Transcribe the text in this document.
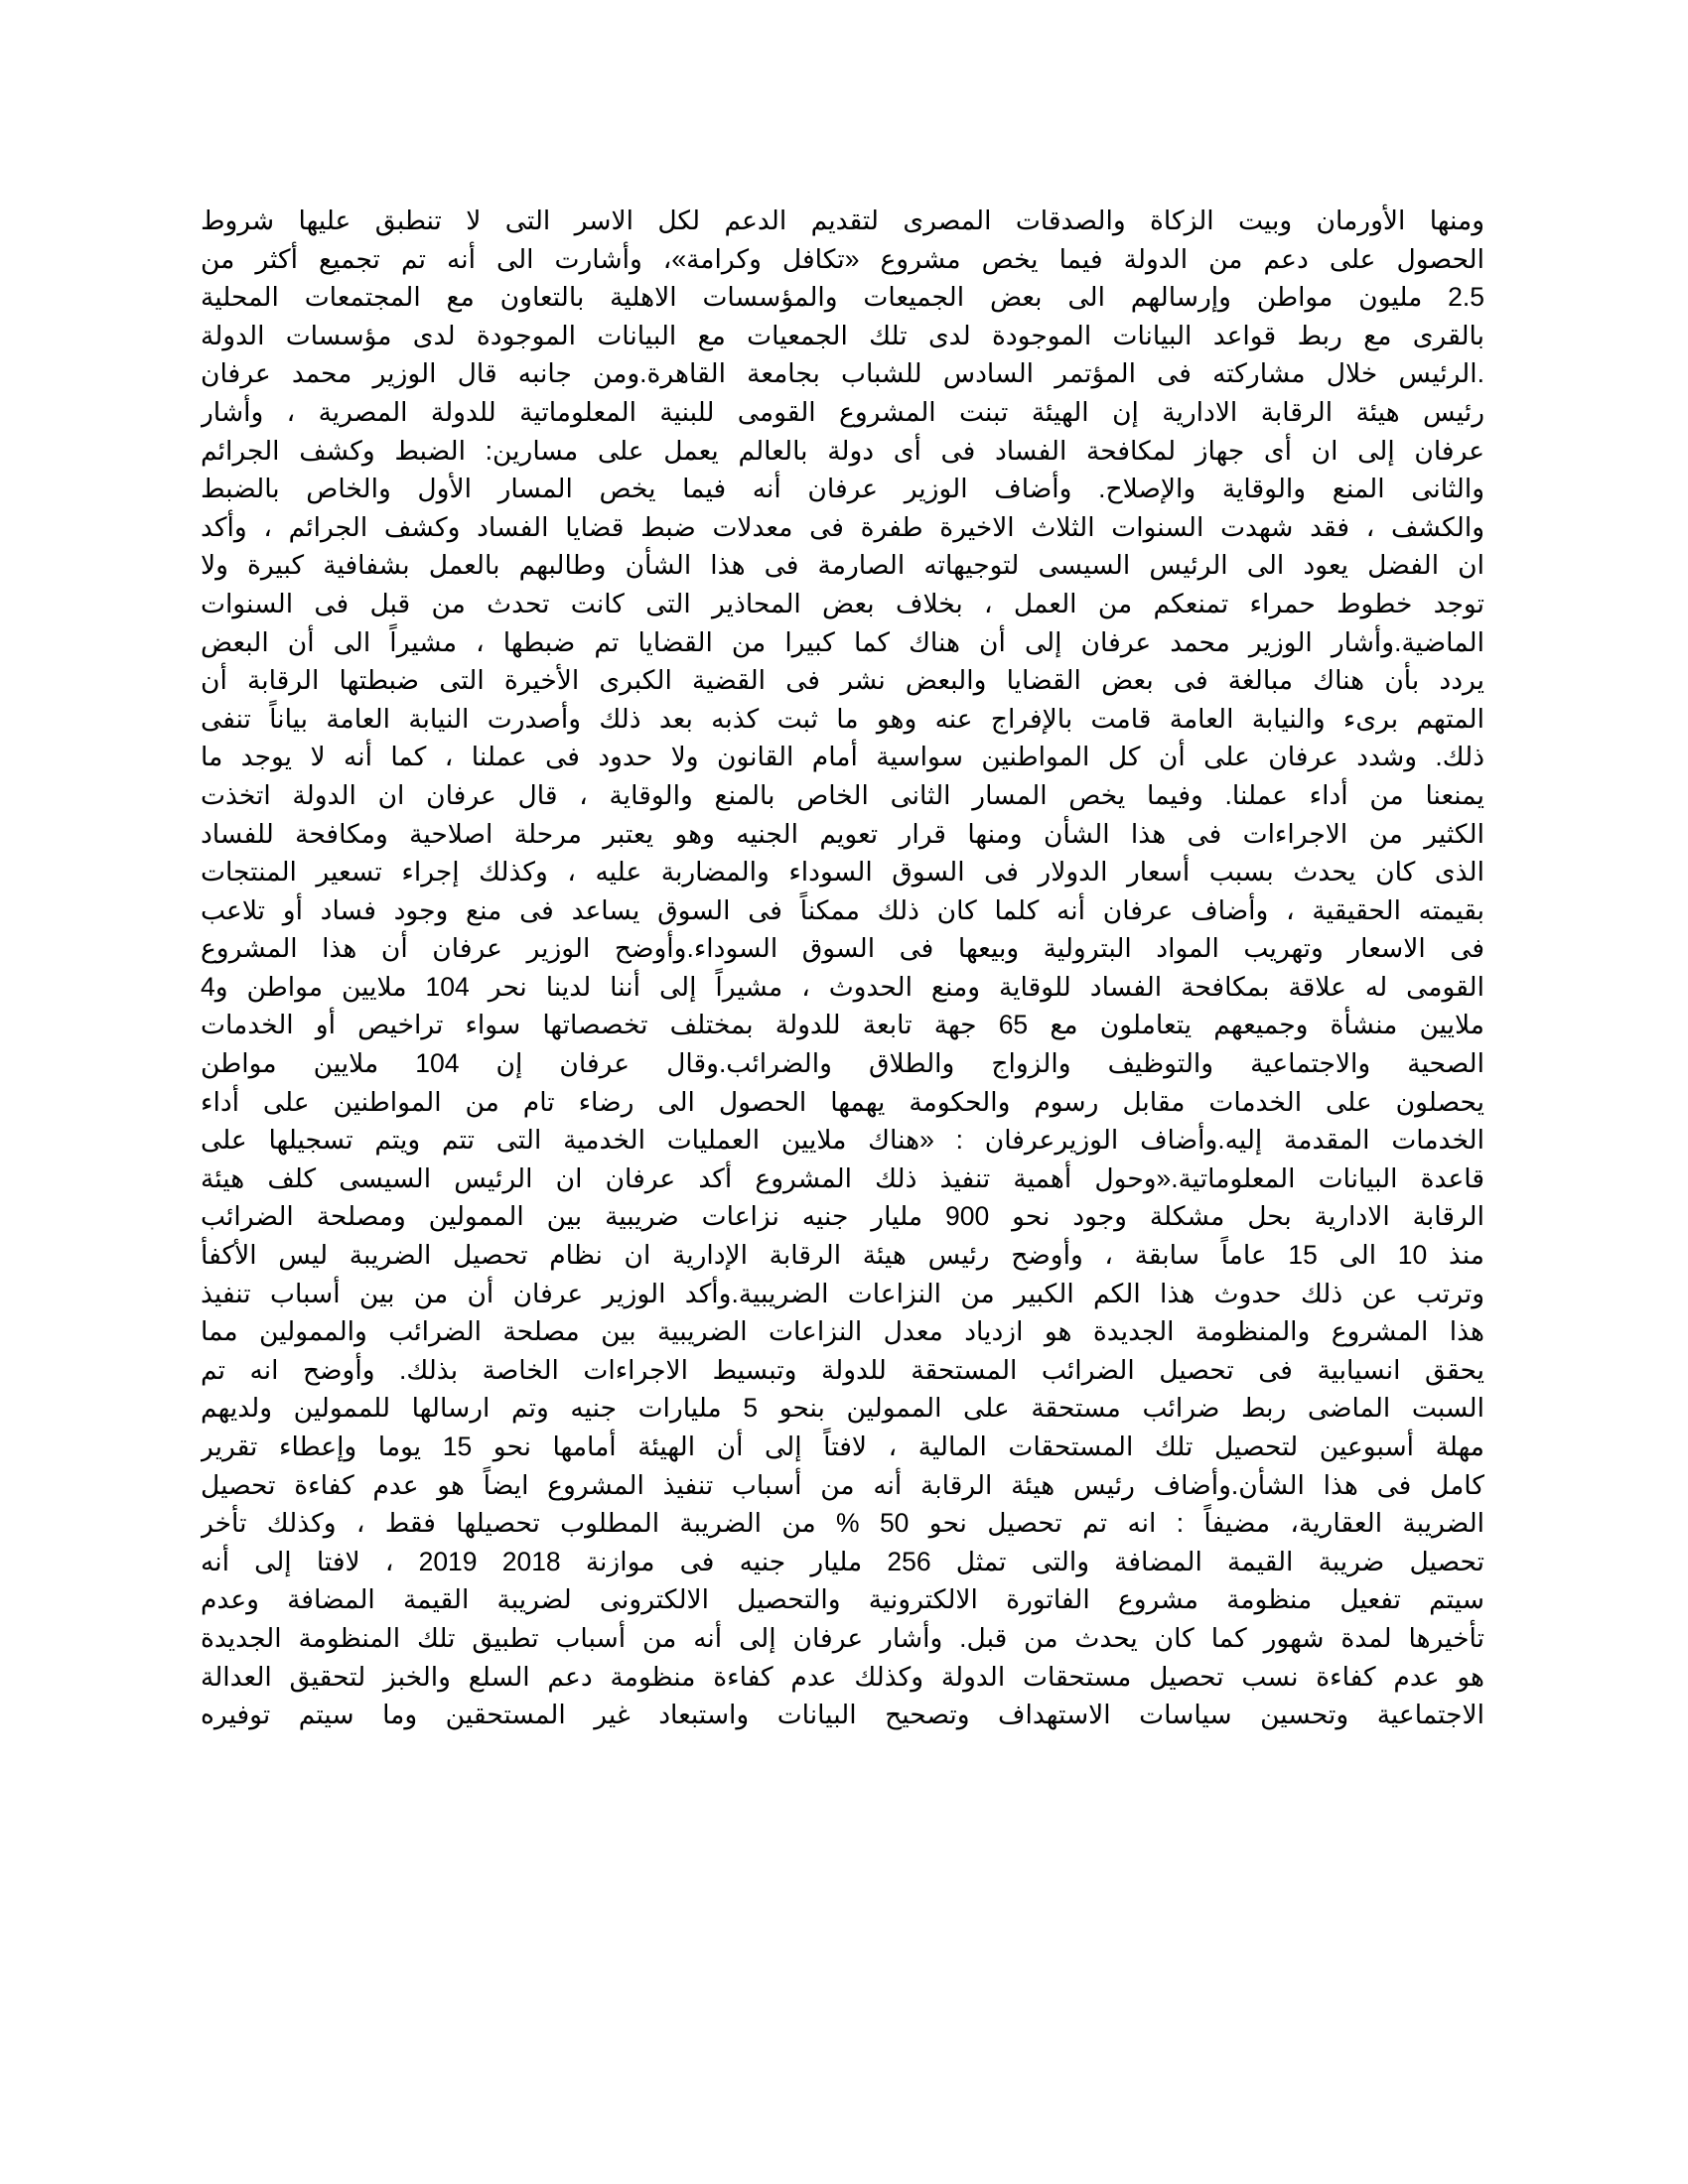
ومنها الأورمان وبيت الزكاة والصدقات المصرى لتقديم الدعم لكل الاسر التى لا تنطبق عليها شروط
الحصول على دعم من الدولة فيما يخص مشروع «تكافل وكرامة»، وأشارت الى أنه تم تجميع أكثر من
2.5 مليون مواطن وإرسالهم الى بعض الجميعات والمؤسسات الاهلية بالتعاون مع المجتمعات المحلية
بالقرى مع ربط قواعد البيانات الموجودة لدى تلك الجمعيات مع البيانات الموجودة لدى مؤسسات الدولة
.الرئيس خلال مشاركته فى المؤتمر السادس للشباب بجامعة القاهرة.ومن جانبه قال الوزير محمد عرفان
رئيس هيئة الرقابة الادارية إن الهيئة تبنت المشروع القومى للبنية المعلوماتية للدولة المصرية ، وأشار
عرفان إلى ان أى جهاز لمكافحة الفساد فى أى دولة بالعالم يعمل على مسارين: الضبط وكشف الجرائم
والثانى المنع والوقاية والإصلاح. وأضاف الوزير عرفان أنه فيما يخص المسار الأول والخاص بالضبط
والكشف ، فقد شهدت السنوات الثلاث الاخيرة طفرة فى معدلات ضبط قضايا الفساد وكشف الجرائم ، وأكد
ان الفضل يعود الى الرئيس السيسى لتوجيهاته الصارمة فى هذا الشأن وطالبهم بالعمل بشفافية كبيرة ولا
توجد خطوط حمراء تمنعكم من العمل ، بخلاف بعض المحاذير التى كانت تحدث من قبل فى السنوات
الماضية.وأشار الوزير محمد عرفان إلى أن هناك كما كبيرا من القضايا تم ضبطها ، مشيراً الى أن البعض
يردد بأن هناك مبالغة فى بعض القضايا والبعض نشر فى القضية الكبرى الأخيرة التى ضبطتها الرقابة أن
المتهم برىء والنيابة العامة قامت بالإفراج عنه وهو ما ثبت كذبه بعد ذلك وأصدرت النيابة العامة بياناً تنفى
ذلك. وشدد عرفان على أن كل المواطنين سواسية أمام القانون ولا حدود فى عملنا ، كما أنه لا يوجد ما
يمنعنا من أداء عملنا. وفيما يخص المسار الثانى الخاص بالمنع والوقاية ، قال عرفان ان الدولة اتخذت
الكثير من الاجراءات فى هذا الشأن ومنها قرار تعويم الجنيه وهو يعتبر مرحلة اصلاحية ومكافحة للفساد
الذى كان يحدث بسبب أسعار الدولار فى السوق السوداء والمضاربة عليه ، وكذلك إجراء تسعير المنتجات
بقيمته الحقيقية ، وأضاف عرفان أنه كلما كان ذلك ممكناً فى السوق يساعد فى منع وجود فساد أو تلاعب
فى الاسعار وتهريب المواد البترولية وبيعها فى السوق السوداء.وأوضح الوزير عرفان أن هذا المشروع
القومى له علاقة بمكافحة الفساد للوقاية ومنع الحدوث ، مشيراً إلى أننا لدينا نحر 104 ملايين مواطن و4
ملايين منشأة وجميعهم يتعاملون مع 65 جهة تابعة للدولة بمختلف تخصصاتها سواء تراخيص أو الخدمات
الصحية والاجتماعية والتوظيف والزواج والطلاق والضرائب.وقال عرفان إن 104 ملايين مواطن
يحصلون على الخدمات مقابل رسوم والحكومة يهمها الحصول الى رضاء تام من المواطنين على أداء
الخدمات المقدمة إليه.وأضاف الوزيرعرفان : «هناك ملايين العمليات الخدمية التى تتم ويتم تسجيلها على
قاعدة البيانات المعلوماتية.«وحول أهمية تنفيذ ذلك المشروع أكد عرفان ان الرئيس السيسى كلف هيئة
الرقابة الادارية بحل مشكلة وجود نحو 900 مليار جنيه نزاعات ضريبية بين الممولين ومصلحة الضرائب
منذ 10 الى 15 عاماً سابقة ، وأوضح رئيس هيئة الرقابة الإدارية ان نظام تحصيل الضريبة ليس الأكفأ
وترتب عن ذلك حدوث هذا الكم الكبير من النزاعات الضريبية.وأكد الوزير عرفان أن من بين أسباب تنفيذ
هذا المشروع والمنظومة الجديدة هو ازدياد معدل النزاعات الضريبية بين مصلحة الضرائب والممولين مما
يحقق انسيابية فى تحصيل الضرائب المستحقة للدولة وتبسيط الاجراءات الخاصة بذلك. وأوضح انه تم
السبت الماضى ربط ضرائب مستحقة على الممولين بنحو 5 مليارات جنيه وتم ارسالها للممولين ولديهم
مهلة أسبوعين لتحصيل تلك المستحقات المالية ، لافتاً إلى أن الهيئة أمامها نحو 15 يوما وإعطاء تقرير
كامل فى هذا الشأن.وأضاف رئيس هيئة الرقابة أنه من أسباب تنفيذ المشروع ايضاً هو عدم كفاءة تحصيل
الضريبة العقارية، مضيفاً : انه تم تحصيل نحو 50 % من الضريبة المطلوب تحصيلها فقط ، وكذلك تأخر
تحصيل ضريبة القيمة المضافة والتى تمثل 256 مليار جنيه فى موازنة 2018 2019 ، لافتا إلى أنه
سيتم تفعيل منظومة مشروع الفاتورة الالكترونية والتحصيل الالكترونى لضريبة القيمة المضافة وعدم
تأخيرها لمدة شهور كما كان يحدث من قبل. وأشار عرفان إلى أنه من أسباب تطبيق تلك المنظومة الجديدة
هو عدم كفاءة نسب تحصيل مستحقات الدولة وكذلك عدم كفاءة منظومة دعم السلع والخبز لتحقيق العدالة
الاجتماعية وتحسين سياسات الاستهداف وتصحيح البيانات واستبعاد غير المستحقين وما سيتم توفيره
